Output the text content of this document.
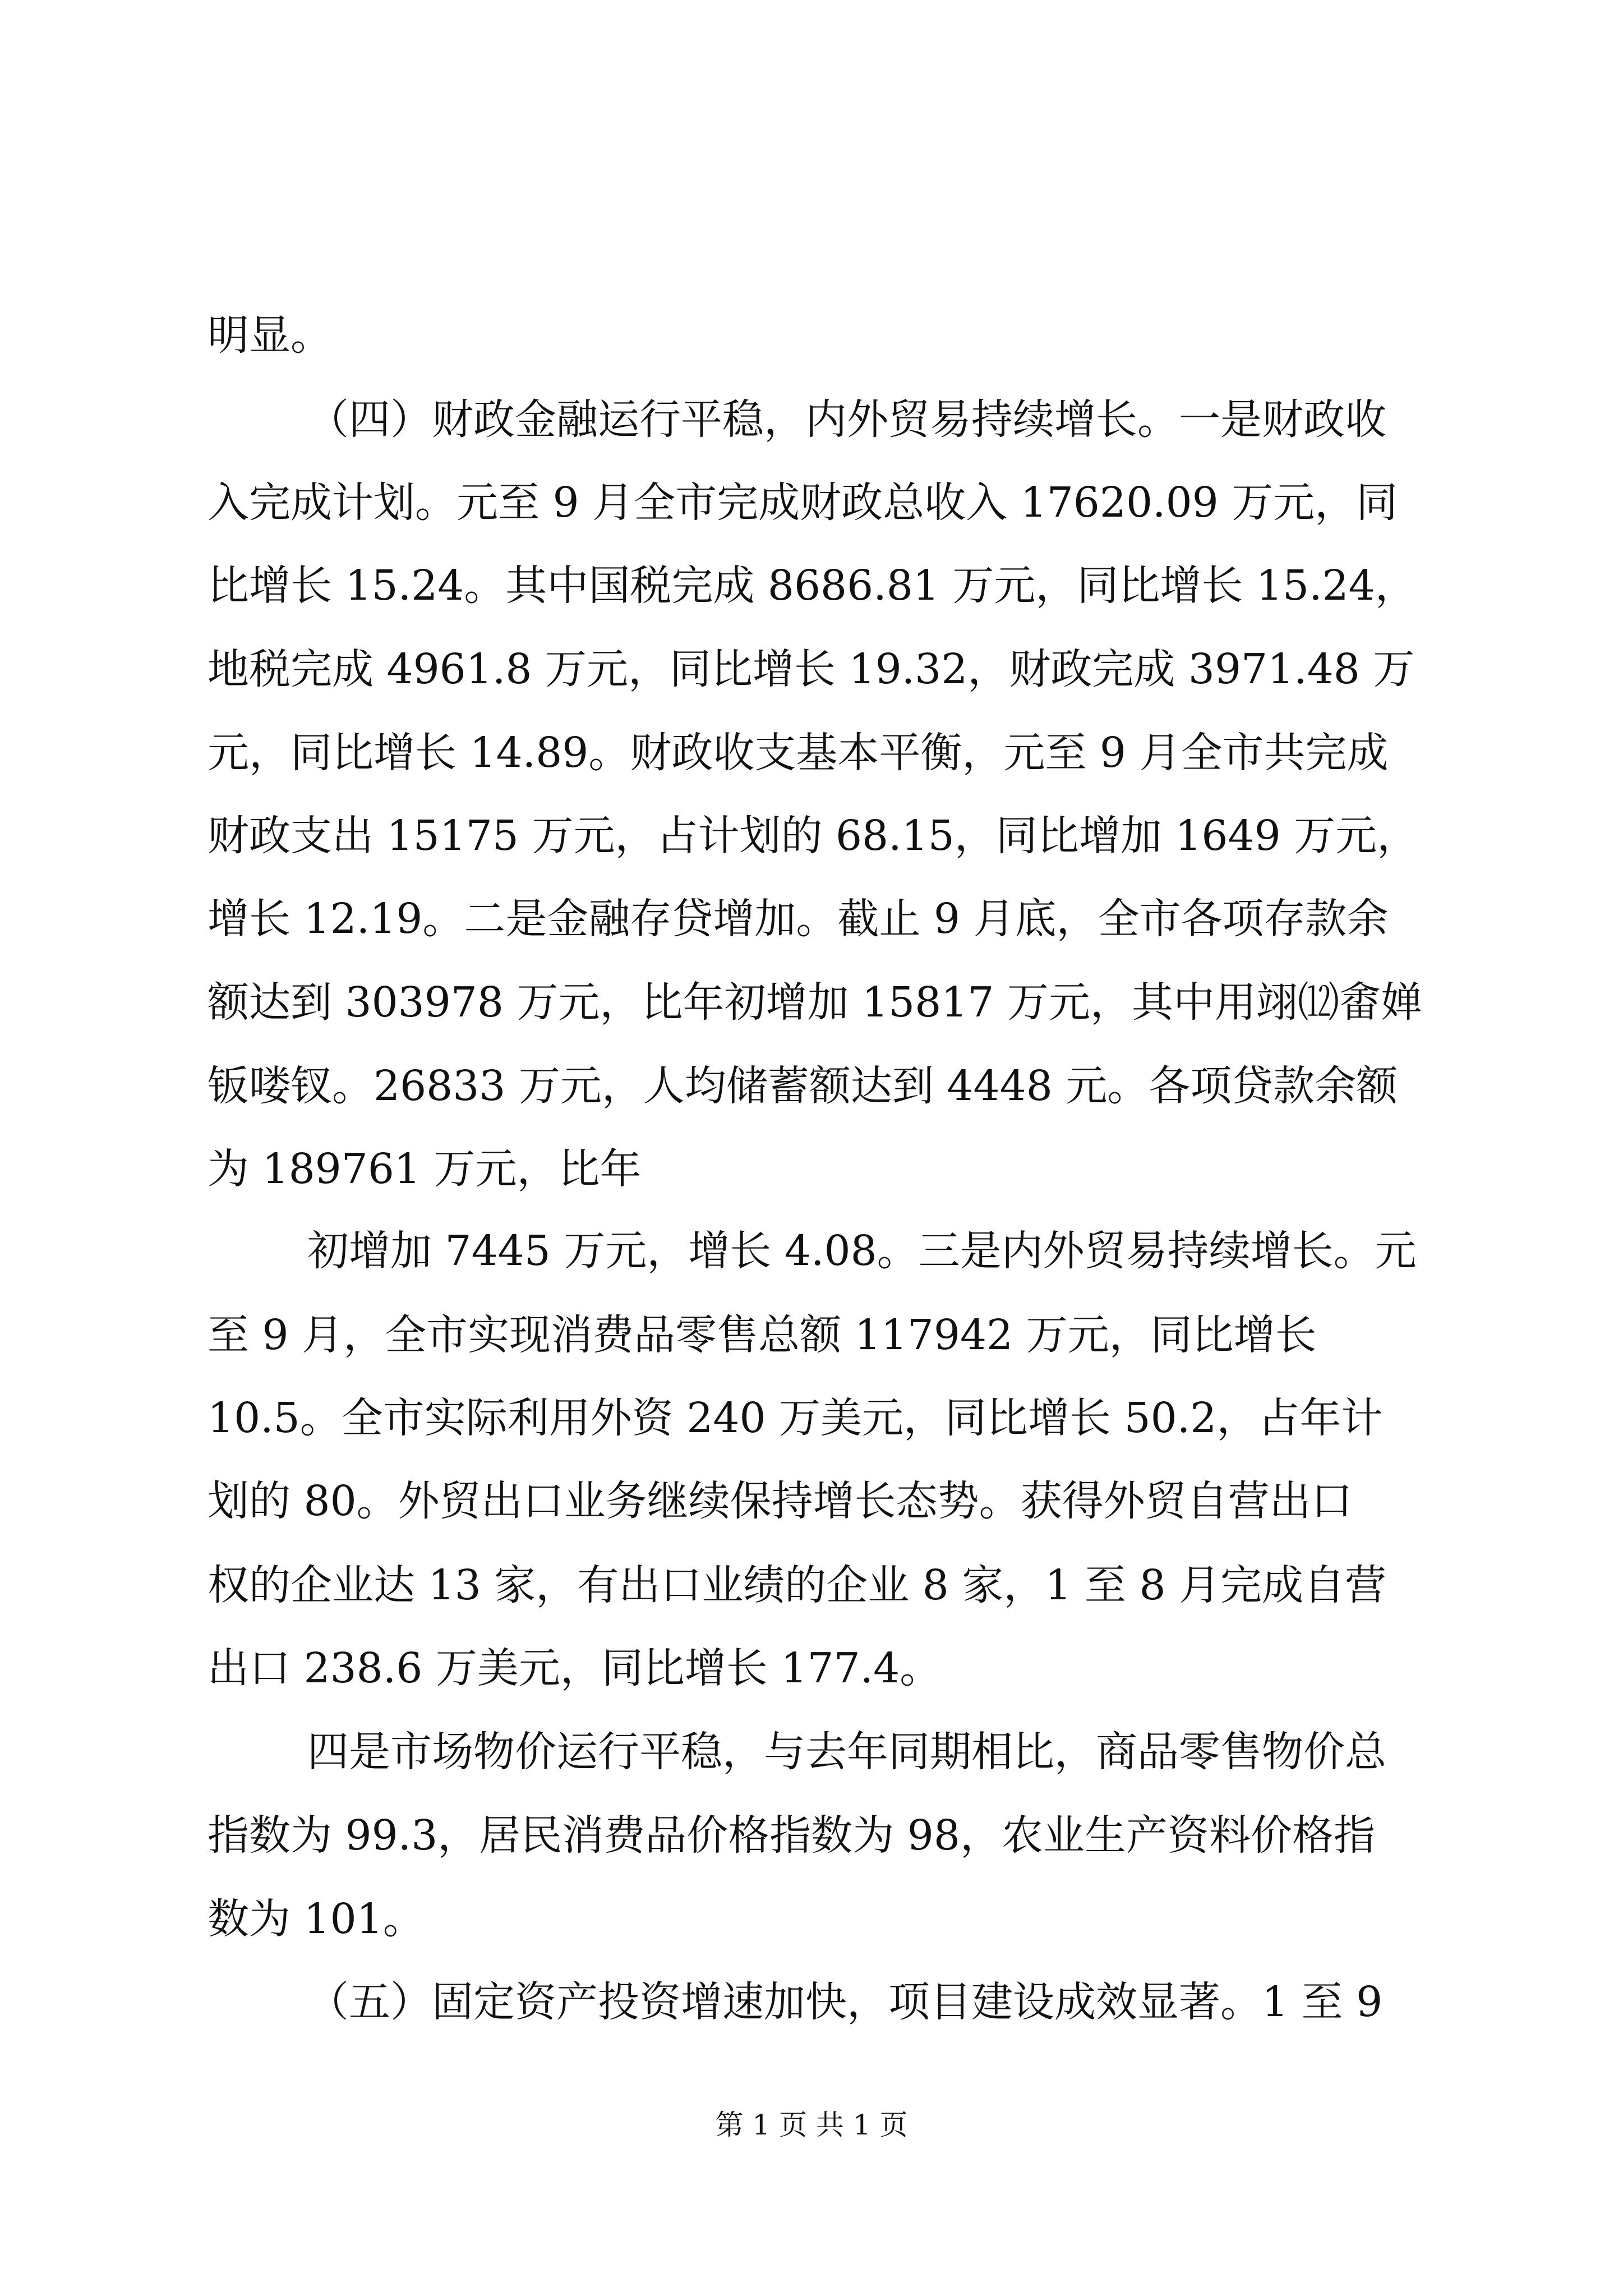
明显。
（四）财政金融运行平稳，内外贸易持续增长。一是财政收
入完成计划。元至 9 月全市完成财政总收入 17620.09 万元，同
比增长 15.24。其中国税完成 8686.81 万元，同比增长 15.24，
地税完成 4961.8 万元，同比增长 19.32，财政完成 3971.48 万
元，同比增长 14.89。财政收支基本平衡，元至 9 月全市共完成
财政支出 15175 万元，占计划的 68.15，同比增加 1649 万元，
增长 12.19。二是金融存贷增加。截止 9 月底，全市各项存款余
额达到 303978 万元，比年初增加 15817 万元，其中用翊⑿畬婵
钣喽钗。26833 万元，人均储蓄额达到 4448 元。各项贷款余额
为 189761 万元，比年
初增加 7445 万元，增长 4.08。三是内外贸易持续增长。元
至 9 月，全市实现消费品零售总额 117942 万元，同比增长
10.5。全市实际利用外资 240 万美元，同比增长 50.2，占年计
划的 80。外贸出口业务继续保持增长态势。获得外贸自营出口
权的企业达 13 家，有出口业绩的企业 8 家，1 至 8 月完成自营
出口 238.6 万美元，同比增长 177.4。
四是市场物价运行平稳，与去年同期相比，商品零售物价总
指数为 99.3，居民消费品价格指数为 98，农业生产资料价格指
数为 101。
（五）固定资产投资增速加快，项目建设成效显著。1 至 9
第 1 页 共 1 页
